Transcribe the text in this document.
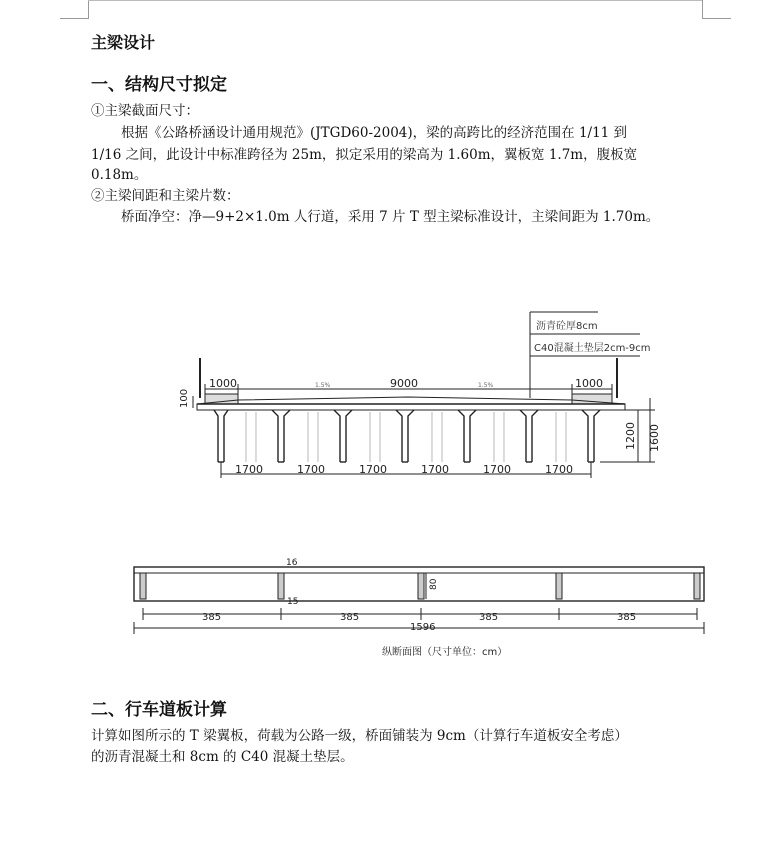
主梁设计
一、结构尺寸拟定
①主梁截面尺寸：
根据《公路桥涵设计通用规范》(JTGD60-2004)，梁的高跨比的经济范围在 1/11 到
1/16 之间，此设计中标准跨径为 25m，拟定采用的梁高为 1.60m，翼板宽 1.7m，腹板宽
0.18m。
②主梁间距和主梁片数：
桥面净空：净—9+2×1.0m 人行道，采用 7 片 T 型主梁标准设计，主梁间距为 1.70m。
沥青砼厚8cm
C40混凝土垫层2cm-9cm
1000	9000	1000
1.5%	1.5%
100
1200 1600
1700	1700	1700	1700	1700	1700
16
15
80
385	385	385	385
1596
纵断面图（尺寸单位：cm）
二、行车道板计算
计算如图所示的 T 梁翼板，荷载为公路一级，桥面铺装为 9cm（计算行车道板安全考虑）
的沥青混凝土和 8cm 的 C40 混凝土垫层。
